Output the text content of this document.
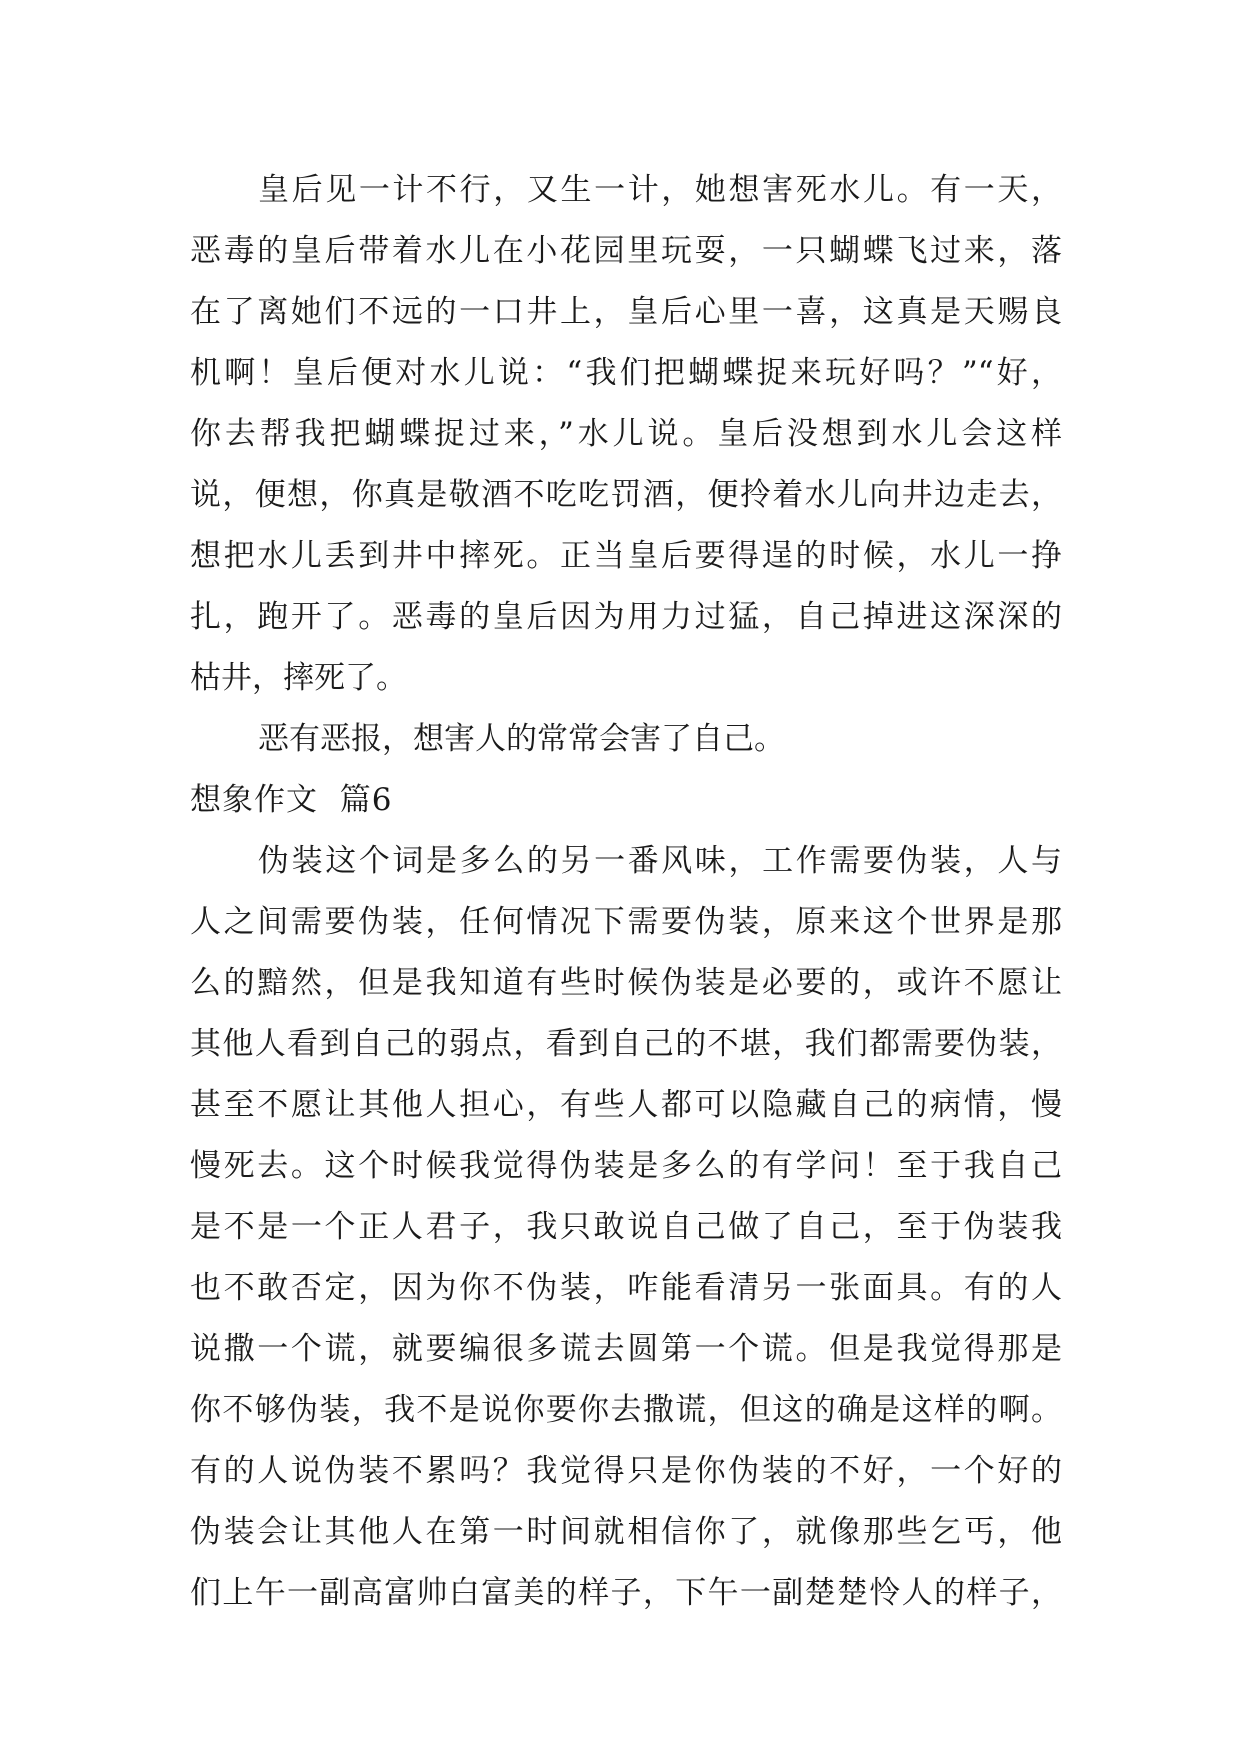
皇后见一计不行，又生一计，她想害死水儿。有一天，
恶毒的皇后带着水儿在小花园里玩耍，一只蝴蝶飞过来，落
在了离她们不远的一口井上，皇后心里一喜，这真是天赐良
机啊！皇后便对水儿说：“我们把蝴蝶捉来玩好吗？”“好，
你去帮我把蝴蝶捉过来，”水儿说。皇后没想到水儿会这样
说，便想，你真是敬酒不吃吃罚酒，便拎着水儿向井边走去，
想把水儿丢到井中摔死。正当皇后要得逞的时候，水儿一挣
扎，跑开了。恶毒的皇后因为用力过猛，自己掉进这深深的
枯井，摔死了。
恶有恶报，想害人的常常会害了自己。
想象作文  篇6
伪装这个词是多么的另一番风味，工作需要伪装，人与
人之间需要伪装，任何情况下需要伪装，原来这个世界是那
么的黯然，但是我知道有些时候伪装是必要的，或许不愿让
其他人看到自己的弱点，看到自己的不堪，我们都需要伪装，
甚至不愿让其他人担心，有些人都可以隐藏自己的病情，慢
慢死去。这个时候我觉得伪装是多么的有学问！至于我自己
是不是一个正人君子，我只敢说自己做了自己，至于伪装我
也不敢否定，因为你不伪装，咋能看清另一张面具。有的人
说撒一个谎，就要编很多谎去圆第一个谎。但是我觉得那是
你不够伪装，我不是说你要你去撒谎，但这的确是这样的啊。
有的人说伪装不累吗？我觉得只是你伪装的不好，一个好的
伪装会让其他人在第一时间就相信你了，就像那些乞丐，他
们上午一副高富帅白富美的样子，下午一副楚楚怜人的样子，
